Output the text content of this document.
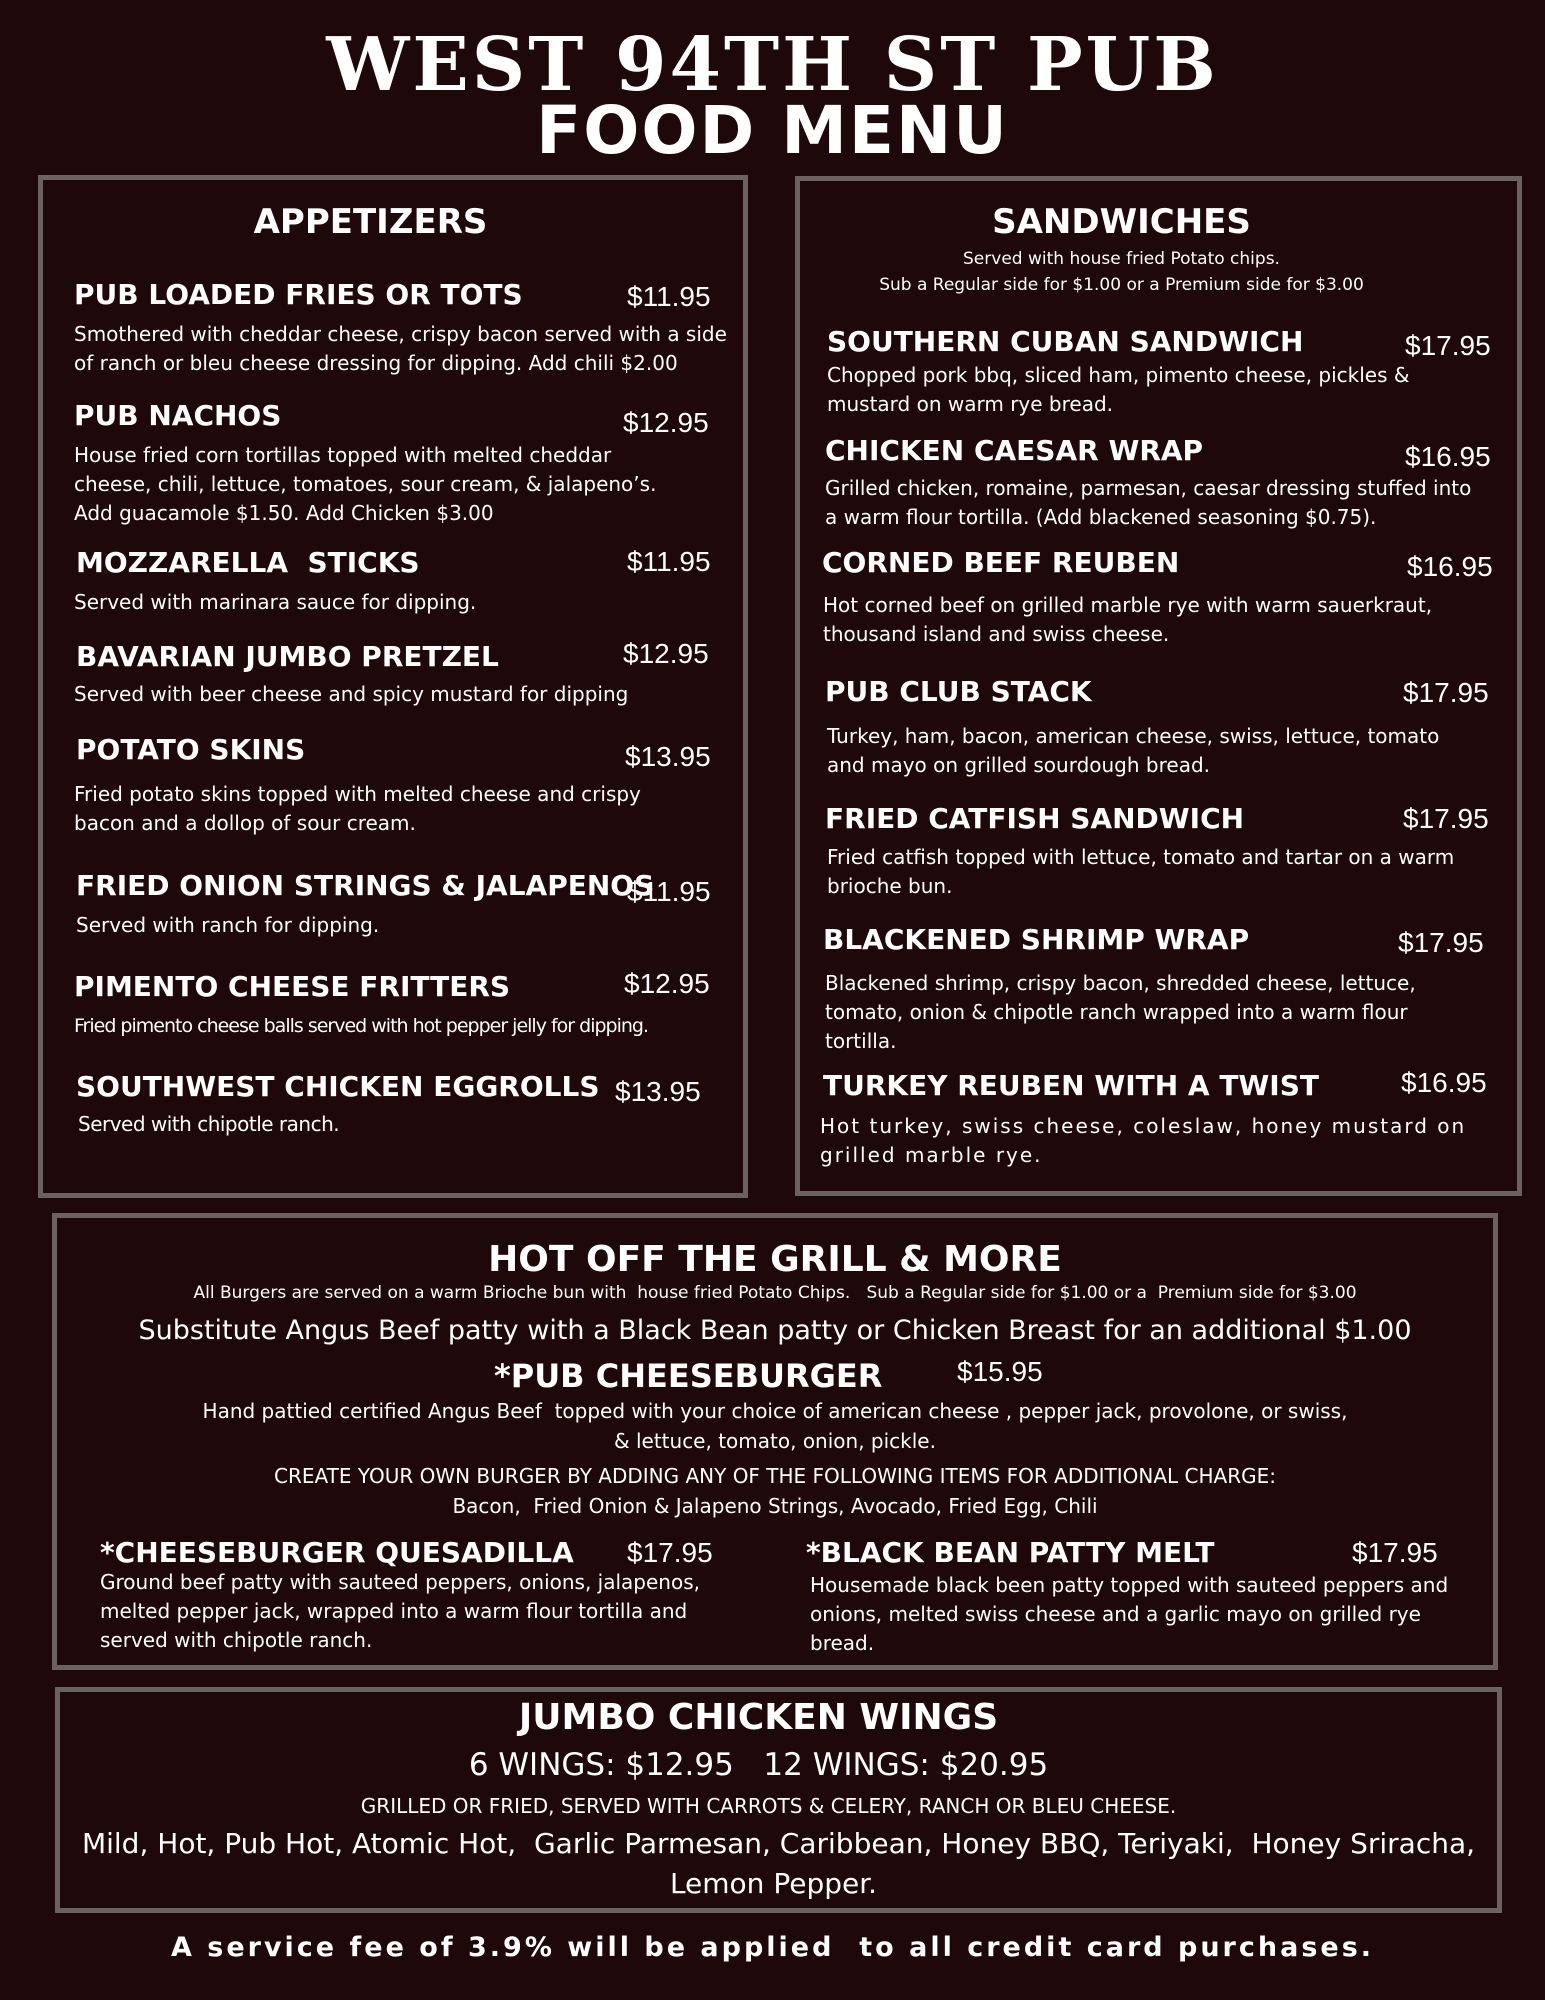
WEST 94TH ST PUB
FOOD MENU
APPETIZERS
PUB LOADED FRIES OR TOTS	$11.95
Smothered with cheddar cheese, crispy bacon served with a side of ranch or bleu cheese dressing for dipping. Add chili $2.00
PUB NACHOS	$12.95
House fried corn tortillas topped with melted cheddar cheese, chili, lettuce, tomatoes, sour cream, & jalapeno’s. Add guacamole $1.50. Add Chicken $3.00
MOZZARELLA  STICKS	$11.95
Served with marinara sauce for dipping.
BAVARIAN JUMBO PRETZEL	$12.95
Served with beer cheese and spicy mustard for dipping
POTATO SKINS	$13.95
Fried potato skins topped with melted cheese and crispy bacon and a dollop of sour cream.
FRIED ONION STRINGS & JALAPENOS
$11.95
Served with ranch for dipping.
PIMENTO CHEESE FRITTERS	$12.95
Fried pimento cheese balls served with hot pepper jelly for dipping.
SOUTHWEST CHICKEN EGGROLLS $13.95
Served with chipotle ranch.
SANDWICHES
Served with house fried Potato chips.
Sub a Regular side for $1.00 or a Premium side for $3.00
SOUTHERN CUBAN SANDWICH	$17.95
Chopped pork bbq, sliced ham, pimento cheese, pickles & mustard on warm rye bread.
CHICKEN CAESAR WRAP	$16.95
Grilled chicken, romaine, parmesan, caesar dressing stuffed into a warm flour tortilla. (Add blackened seasoning $0.75).
CORNED BEEF REUBEN	$16.95
Hot corned beef on grilled marble rye with warm sauerkraut, thousand island and swiss cheese.
PUB CLUB STACK	$17.95
Turkey, ham, bacon, american cheese, swiss, lettuce, tomato and mayo on grilled sourdough bread.
FRIED CATFISH SANDWICH	$17.95
Fried catfish topped with lettuce, tomato and tartar on a warm brioche bun.
BLACKENED SHRIMP WRAP	$17.95
Blackened shrimp, crispy bacon, shredded cheese, lettuce, tomato, onion & chipotle ranch wrapped into a warm flour tortilla.
TURKEY REUBEN WITH A TWIST	$16.95
Hot turkey, swiss cheese, coleslaw, honey mustard on grilled marble rye.
HOT OFF THE GRILL & MORE
All Burgers are served on a warm Brioche bun with  house fried Potato Chips.   Sub a Regular side for $1.00 or a  Premium side for $3.00
Substitute Angus Beef patty with a Black Bean patty or Chicken Breast for an additional $1.00
*PUB CHEESEBURGER	$15.95
Hand pattied certified Angus Beef  topped with your choice of american cheese , pepper jack, provolone, or swiss,
& lettuce, tomato, onion, pickle.
CREATE YOUR OWN BURGER BY ADDING ANY OF THE FOLLOWING ITEMS FOR ADDITIONAL CHARGE:
Bacon,  Fried Onion & Jalapeno Strings, Avocado, Fried Egg, Chili
*CHEESEBURGER QUESADILLA $17.95
Ground beef patty with sauteed peppers, onions, jalapenos, melted pepper jack, wrapped into a warm flour tortilla and served with chipotle ranch.
*BLACK BEAN PATTY MELT	$17.95
Housemade black been patty topped with sauteed peppers and onions, melted swiss cheese and a garlic mayo on grilled rye bread.
JUMBO CHICKEN WINGS
6 WINGS: $12.95   12 WINGS: $20.95
GRILLED OR FRIED, SERVED WITH CARROTS & CELERY, RANCH OR BLEU CHEESE.
Mild, Hot, Pub Hot, Atomic Hot,  Garlic Parmesan, Caribbean, Honey BBQ, Teriyaki,  Honey Sriracha,
Lemon Pepper.
A service fee of 3.9% will be applied  to all credit card purchases.
